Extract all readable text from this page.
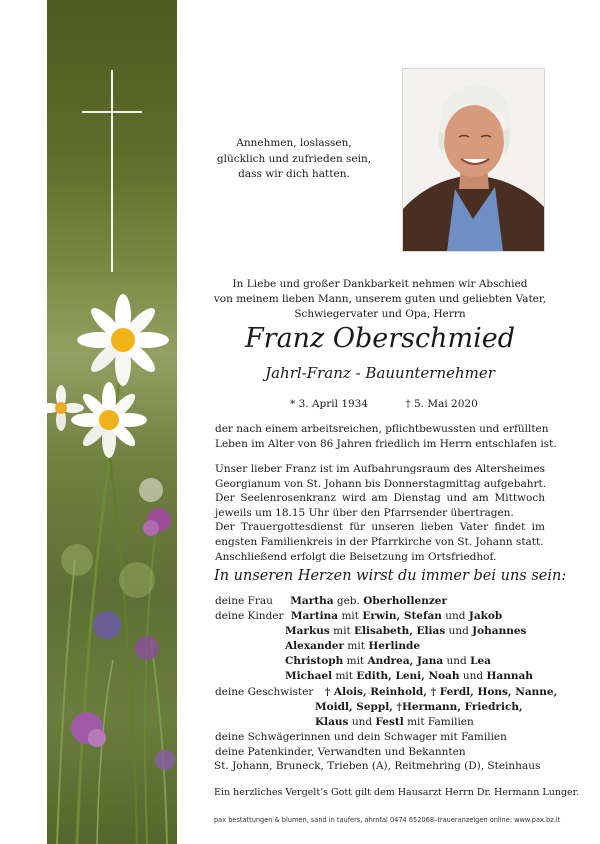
Annehmen, loslassen,
glücklich und zufrieden sein,
dass wir dich hatten.
In Liebe und großer Dankbarkeit nehmen wir Abschied
von meinem lieben Mann, unserem guten und geliebten Vater,
Schwiegervater und Opa, Herrn
Franz Oberschmied
Jahrl-Franz - Bauunternehmer
* 3. April 1934	† 5. Mai 2020
der nach einem arbeitsreichen, pflichtbewussten und erfüllten
Leben im Alter von 86 Jahren friedlich im Herrn entschlafen ist.
Unser lieber Franz ist im Aufbahrungsraum des Altersheimes
Georgianum von St. Johann bis Donnerstagmittag aufgebahrt.
Der Seelenrosenkranz wird am Dienstag und am Mittwoch
jeweils um 18.15 Uhr über den Pfarrsender übertragen.
Der Trauergottesdienst für unseren lieben Vater findet im
engsten Familienkreis in der Pfarrkirche von St. Johann statt.
Anschließend erfolgt die Beisetzung im Ortsfriedhof.
In unseren Herzen wirst du immer bei uns sein:
deine Frau Martha geb. Oberhollenzer
deine Kinder Martina mit Erwin, Stefan und Jakob
Markus mit Elisabeth, Elias und Johannes
Alexander mit Herlinde
Christoph mit Andrea, Jana und Lea
Michael mit Edith, Leni, Noah und Hannah
deine Geschwister † Alois, Reinhold, † Ferdl, Hons, Nanne,
Moidl, Seppl, †Hermann, Friedrich,
Klaus und Festl mit Familien
deine Schwägerinnen und dein Schwager mit Familien
deine Patenkinder, Verwandten und Bekannten
St. Johann, Bruneck, Trieben (A), Reitmehring (D), Steinhaus
Ein herzliches Vergelt’s Gott gilt dem Hausarzt Herrn Dr. Hermann Lunger.
pax bestattungen & blumen, sand in taufers, ahrntal 0474 652068–traueranzeigen online: www.pax.bz.it
